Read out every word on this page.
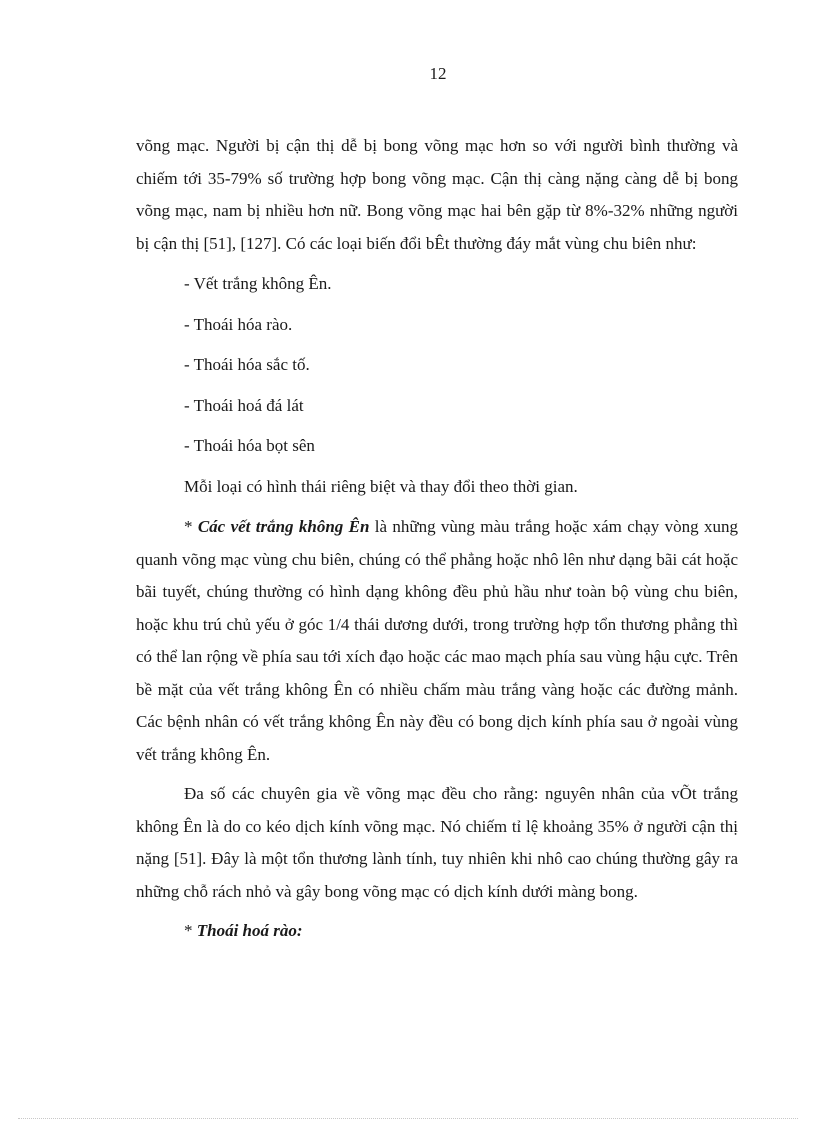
12

võng mạc. Người bị cận thị dễ bị bong võng mạc hơn so với người bình thường và chiếm tới 35-79% số trường hợp bong võng mạc. Cận thị càng nặng càng dễ bị bong võng mạc, nam bị nhiều hơn nữ. Bong võng mạc hai bên gặp từ 8%-32% những người bị cận thị [51], [127]. Có các loại biến đổi bÊt thường đáy mắt vùng chu biên như:

- Vết trắng không Ên.

- Thoái hóa rào.

- Thoái hóa sắc tố.

- Thoái hoá đá lát

- Thoái hóa bọt sên

Mỗi loại có hình thái riêng biệt và thay đổi theo thời gian.

* Các vết trắng không Ên là những vùng màu trắng hoặc xám chạy vòng xung quanh võng mạc vùng chu biên, chúng có thể phẳng hoặc nhô lên như dạng bãi cát hoặc bãi tuyết, chúng thường có hình dạng không đều phủ hầu như toàn bộ vùng chu biên, hoặc khu trú chủ yếu ở góc 1/4 thái dương dưới, trong trường hợp tổn thương phẳng thì có thể lan rộng về phía sau tới xích đạo hoặc các mao mạch phía sau vùng hậu cực. Trên bề mặt của vết trắng không Ên có nhiều chấm màu trắng vàng hoặc các đường mảnh. Các bệnh nhân có vết trắng không Ên này đều có bong dịch kính phía sau ở ngoài vùng vết trắng không Ên.

Đa số các chuyên gia về võng mạc đều cho rằng: nguyên nhân của vÕt trắng không Ên là do co kéo dịch kính võng mạc. Nó chiếm tỉ lệ khoảng 35% ở người cận thị nặng [51]. Đây là một tổn thương lành tính, tuy nhiên khi nhô cao chúng thường gây ra những chỗ rách nhỏ và gây bong võng mạc có dịch kính dưới màng bong.

* Thoái hoá rào:
